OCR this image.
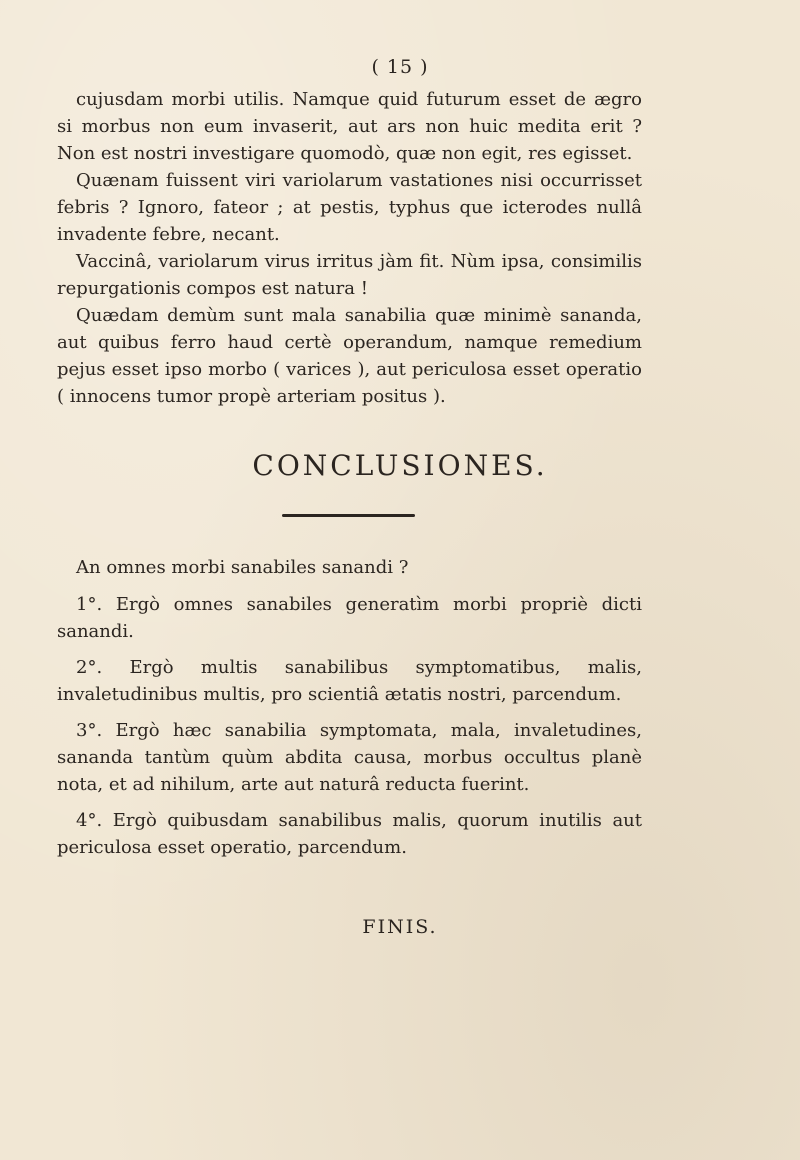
( 15 )

cujusdam morbi utilis. Namque quid futurum esset de ægro si morbus non eum invaserit, aut ars non huic medita erit ? Non est nostri investigare quomodò, quæ non egit, res egisset.

Quænam fuissent viri variolarum vastationes nisi occurrisset febris ? Ignoro, fateor ; at pestis, typhus que icterodes nullâ invadente febre, necant.

Vaccinâ, variolarum virus irritus jàm fit. Nùm ipsa, consimilis repurgationis compos est natura !

Quædam demùm sunt mala sanabilia quæ minimè sananda, aut quibus ferro haud certè operandum, namque remedium pejus esset ipso morbo ( varices ), aut periculosa esset operatio ( innocens tumor propè arteriam positus ).

CONCLUSIONES.

An omnes morbi sanabiles sanandi ?

1°. Ergò omnes sanabiles generatìm morbi propriè dicti sanandi.

2°. Ergò multis sanabilibus symptomatibus, malis, invaletudinibus multis, pro scientiâ ætatis nostri, parcendum.

3°. Ergò hæc sanabilia symptomata, mala, invaletudines, sananda tantùm quùm abdita causa, morbus occultus planè nota, et ad nihilum, arte aut naturâ reducta fuerint.

4°. Ergò quibusdam sanabilibus malis, quorum inutilis aut periculosa esset operatio, parcendum.

FINIS.
